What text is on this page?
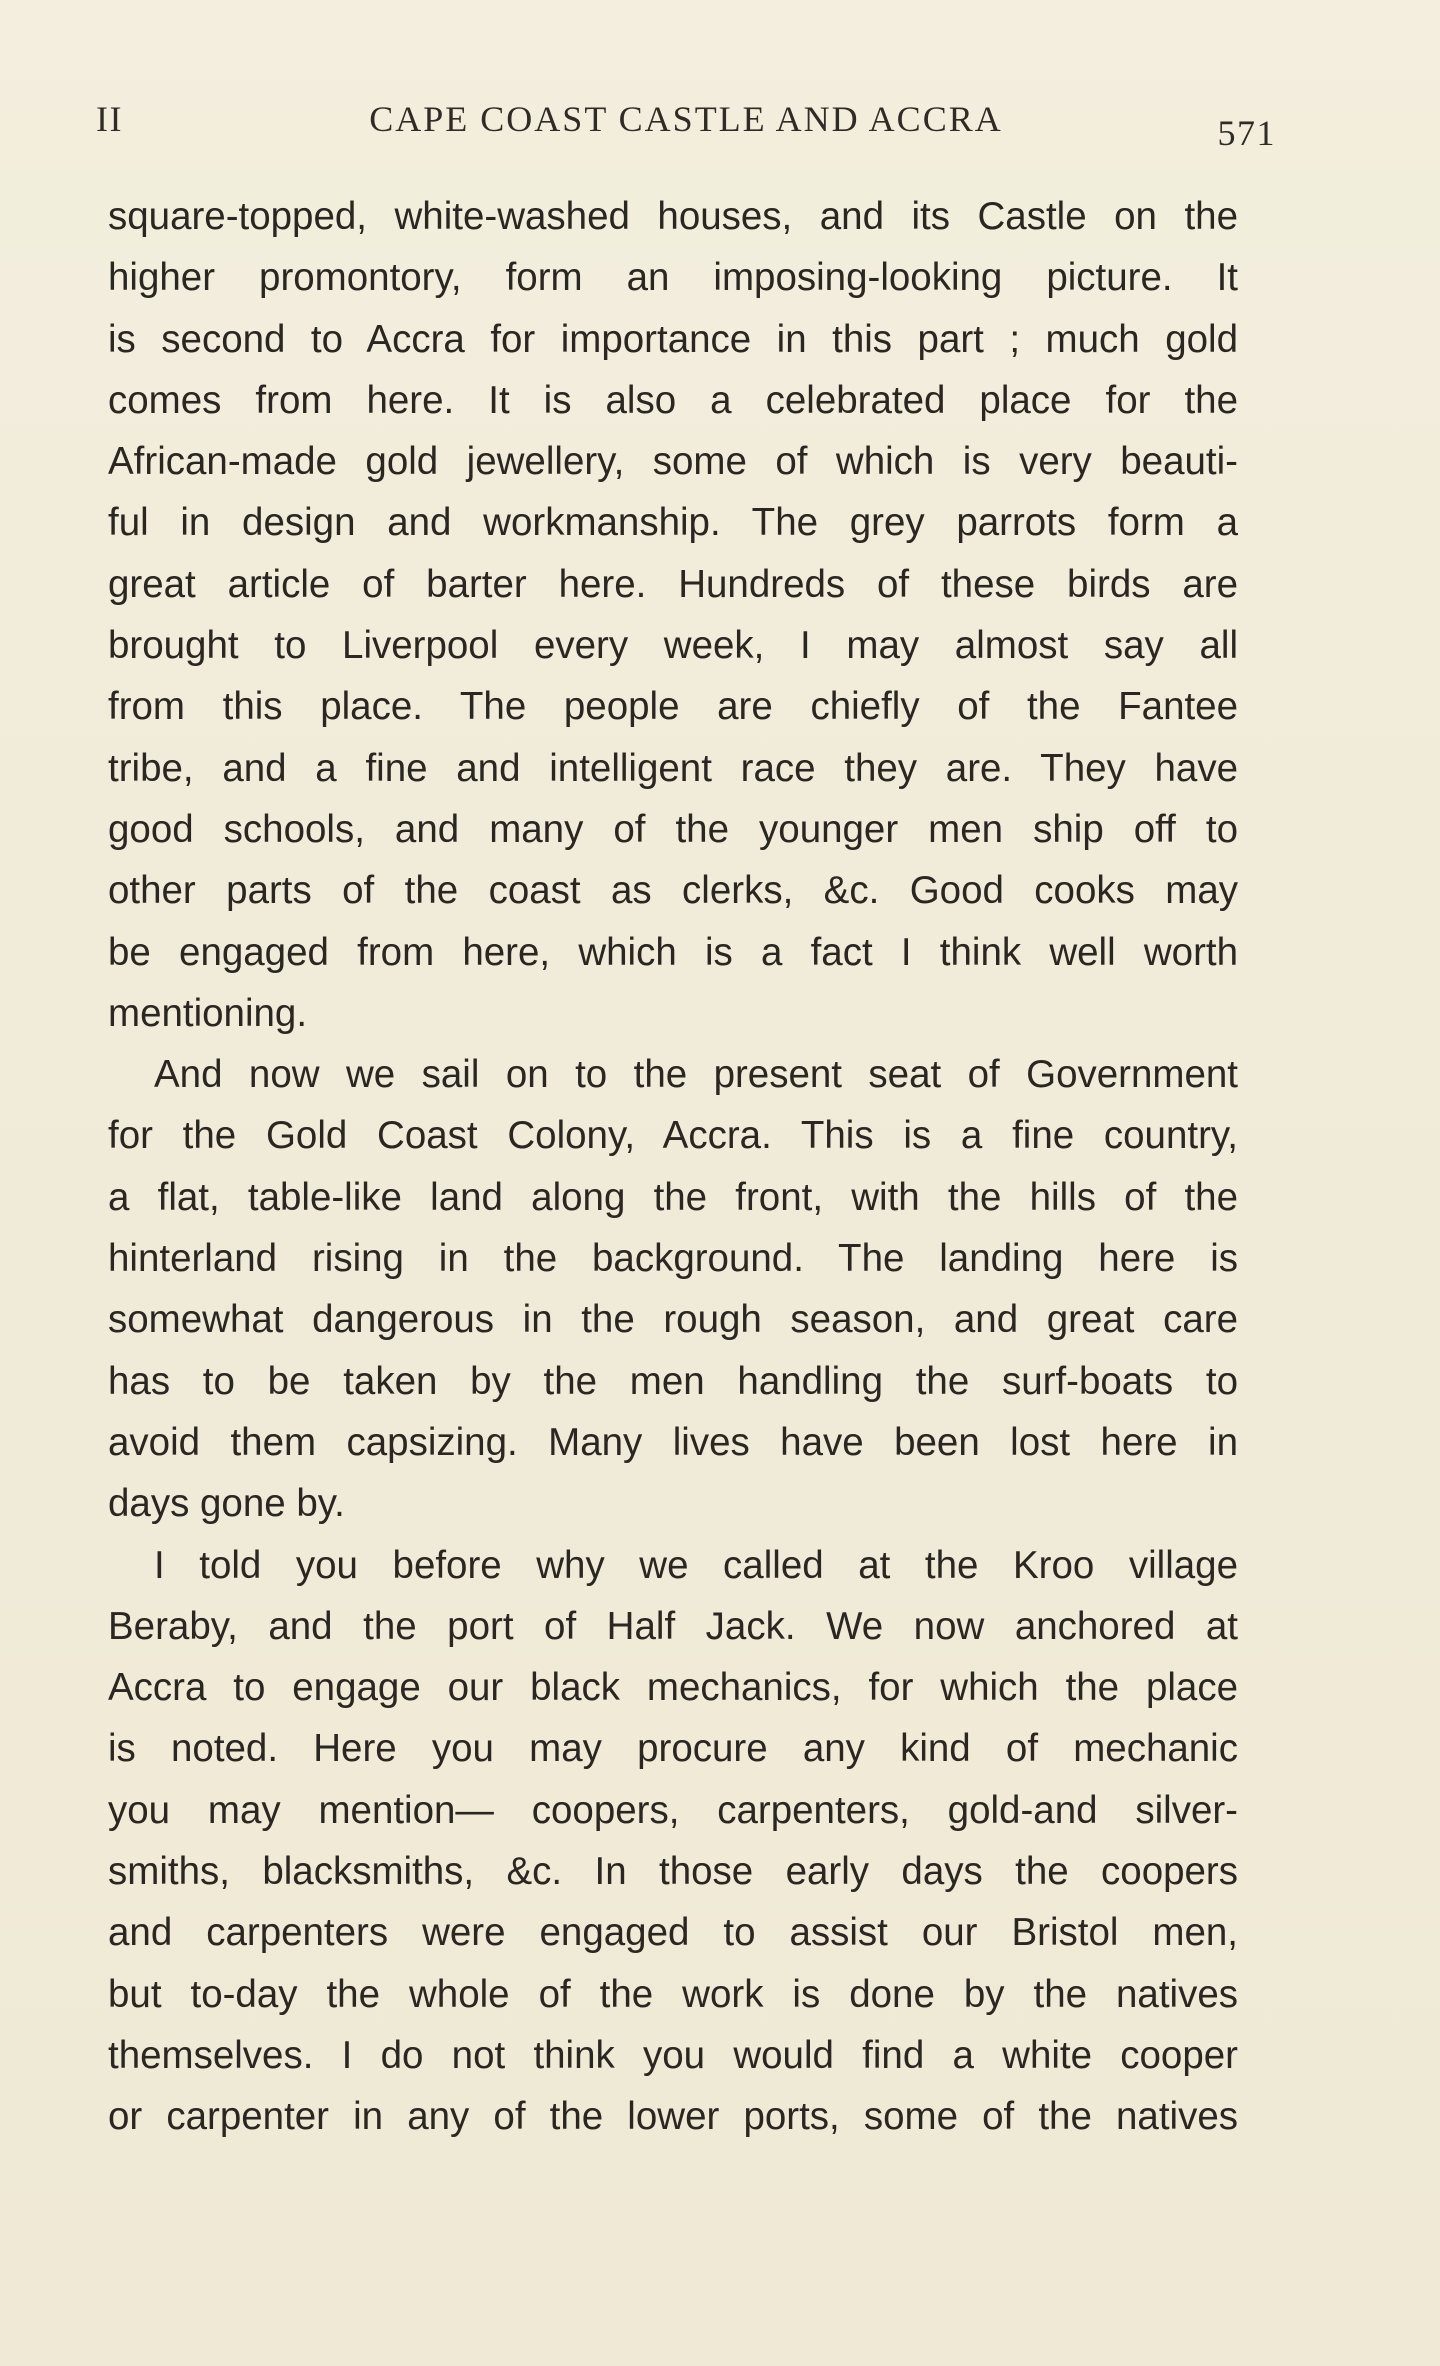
II	CAPE COAST CASTLE AND ACCRA	571
square-topped, white-washed houses, and its Castle on the
higher promontory, form an imposing-looking picture. It
is second to Accra for importance in this part ; much gold
comes from here. It is also a celebrated place for the
African-made gold jewellery, some of which is very beauti-
ful in design and workmanship. The grey parrots form a
great article of barter here. Hundreds of these birds are
brought to Liverpool every week, I may almost say all
from this place. The people are chiefly of the Fantee
tribe, and a fine and intelligent race they are. They have
good schools, and many of the younger men ship off to
other parts of the coast as clerks, &c. Good cooks may
be engaged from here, which is a fact I think well worth
mentioning.
And now we sail on to the present seat of Government
for the Gold Coast Colony, Accra. This is a fine country,
a flat, table-like land along the front, with the hills of the
hinterland rising in the background. The landing here is
somewhat dangerous in the rough season, and great care
has to be taken by the men handling the surf-boats to
avoid them capsizing. Many lives have been lost here in
days gone by.
I told you before why we called at the Kroo village
Beraby, and the port of Half Jack. We now anchored at
Accra to engage our black mechanics, for which the place
is noted. Here you may procure any kind of mechanic
you may mention— coopers, carpenters, gold-and silver-
smiths, blacksmiths, &c. In those early days the coopers
and carpenters were engaged to assist our Bristol men,
but to-day the whole of the work is done by the natives
themselves. I do not think you would find a white cooper
or carpenter in any of the lower ports, some of the natives
